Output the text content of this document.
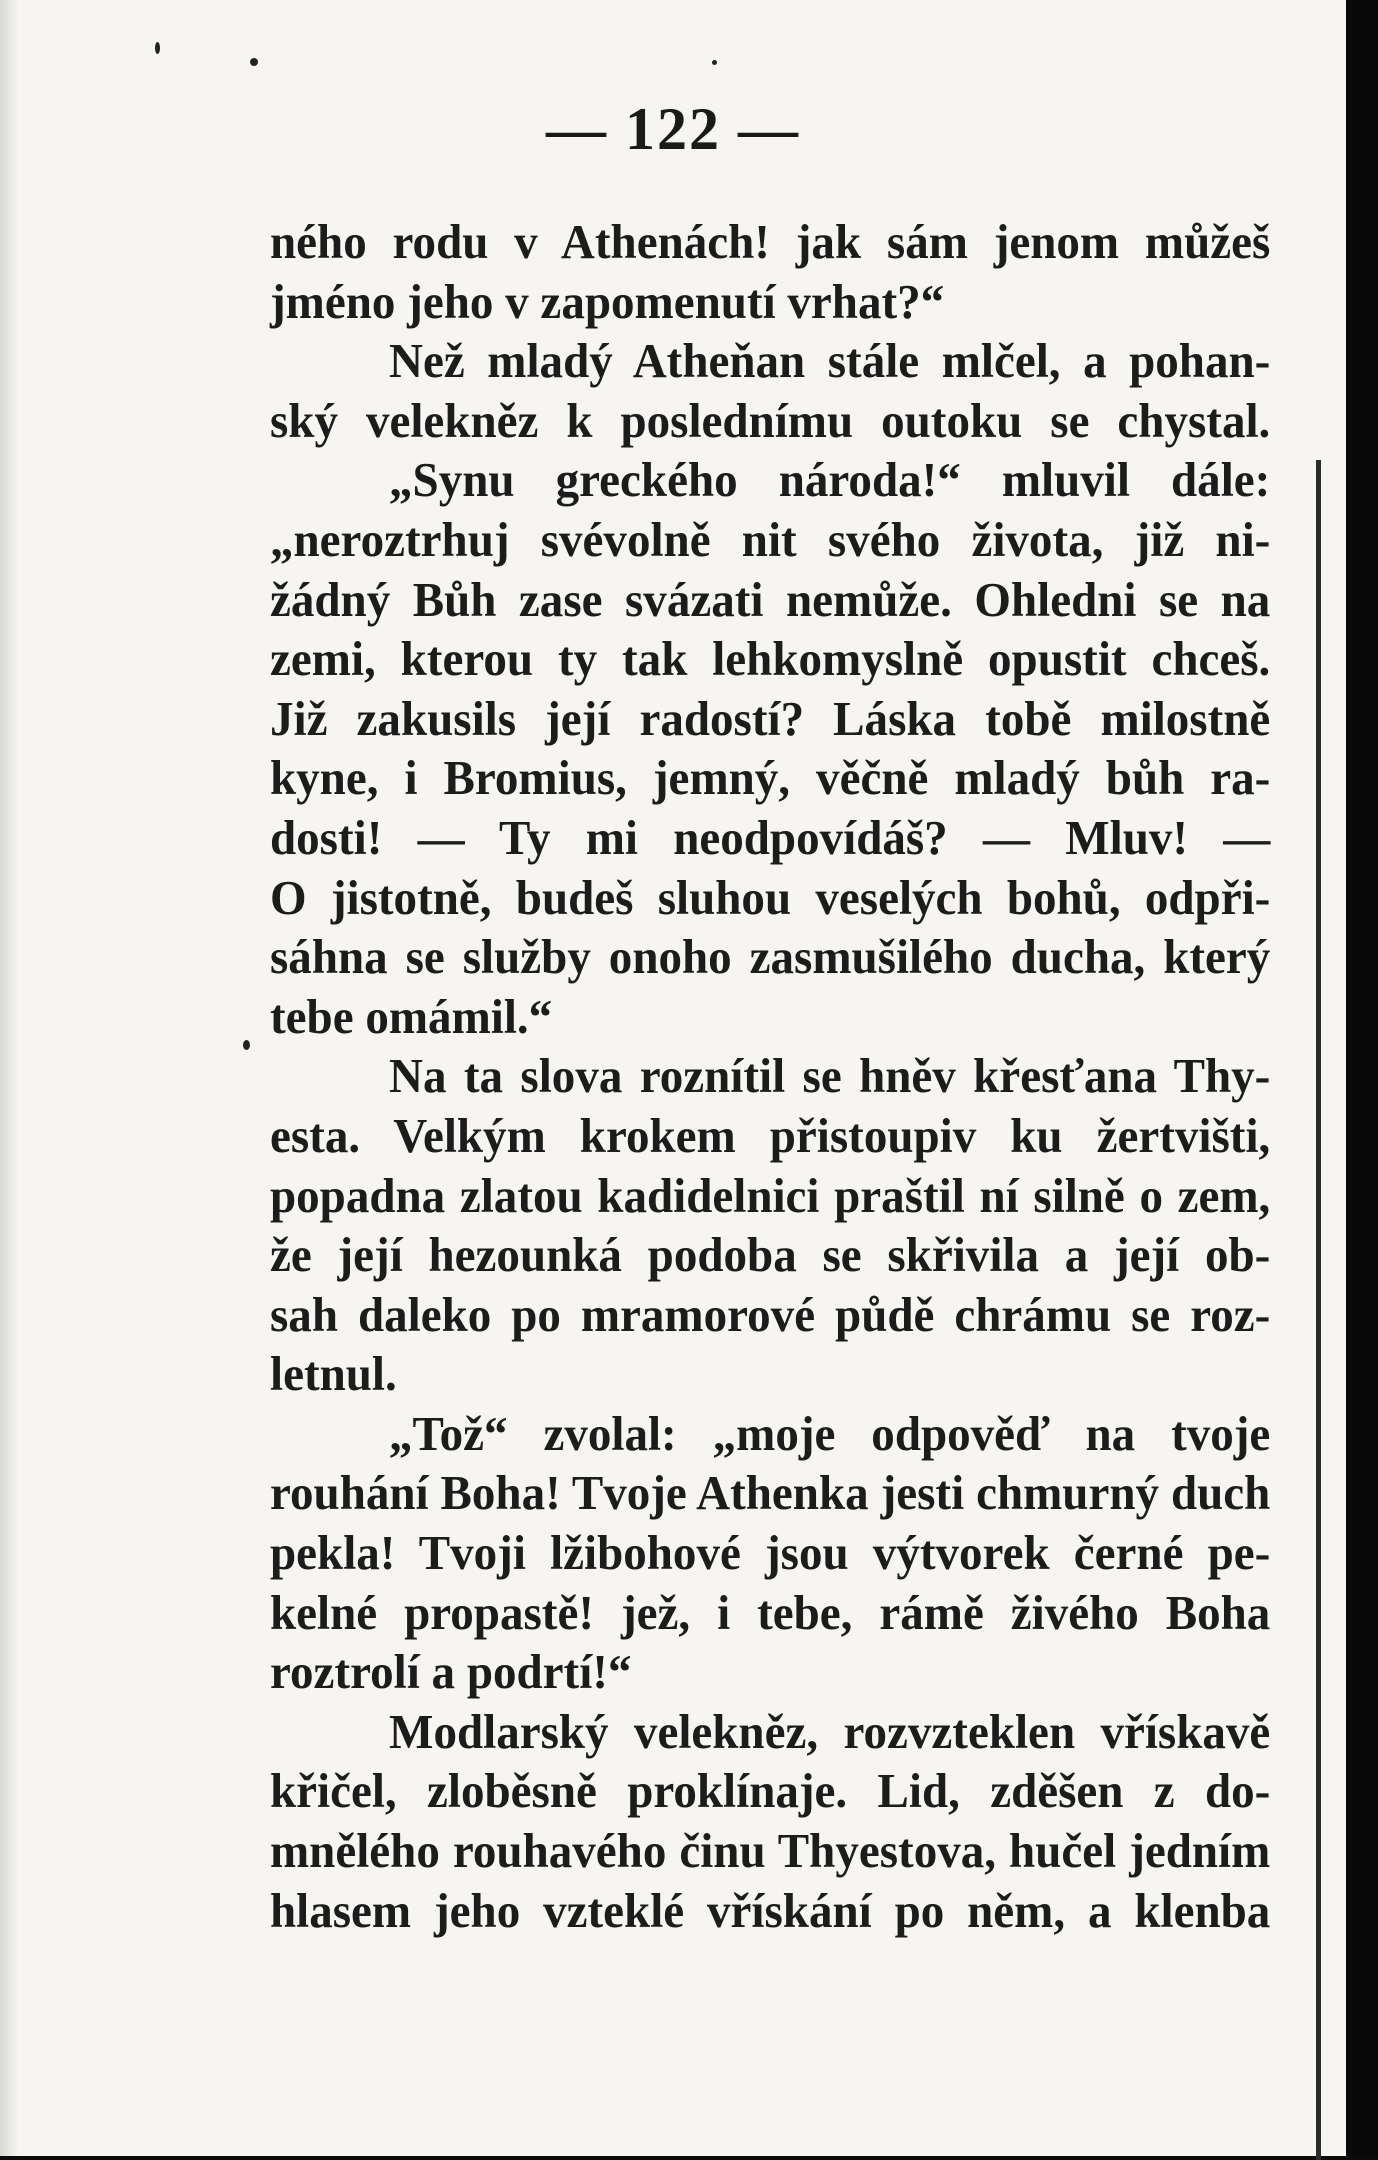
— 122 —
ného rodu v Athenách! jak sám jenom můžeš
jméno jeho v zapomenutí vrhat?“
Než mladý Atheňan stále mlčel, a pohan-
ský velekněz k poslednímu outoku se chystal.
„Synu greckého národa!“ mluvil dále:
„neroztrhuj svévolně nit svého života, již ni-
žádný Bůh zase svázati nemůže. Ohledni se na
zemi, kterou ty tak lehkomyslně opustit chceš.
Již zakusils její radostí? Láska tobě milostně
kyne, i Bromius, jemný, věčně mladý bůh ra-
dosti! — Ty mi neodpovídáš? — Mluv! —
O jistotně, budeš sluhou veselých bohů, odpři-
sáhna se služby onoho zasmušilého ducha, který
tebe omámil.“
Na ta slova roznítil se hněv křesťana Thy-
esta. Velkým krokem přistoupiv ku žertvišti,
popadna zlatou kadidelnici praštil ní silně o zem,
že její hezounká podoba se skřivila a její ob-
sah daleko po mramorové půdě chrámu se roz-
letnul.
„Tož“ zvolal: „moje odpověď na tvoje
rouhání Boha! Tvoje Athenka jesti chmurný duch
pekla! Tvoji lžibohové jsou výtvorek černé pe-
kelné propastě! jež, i tebe, rámě živého Boha
roztrolí a podrtí!“
Modlarský velekněz, rozvzteklen vřískavě
křičel, zloběsně proklínaje. Lid, zděšen z do-
mnělého rouhavého činu Thyestova, hučel jedním
hlasem jeho vzteklé vřískání po něm, a klenba
